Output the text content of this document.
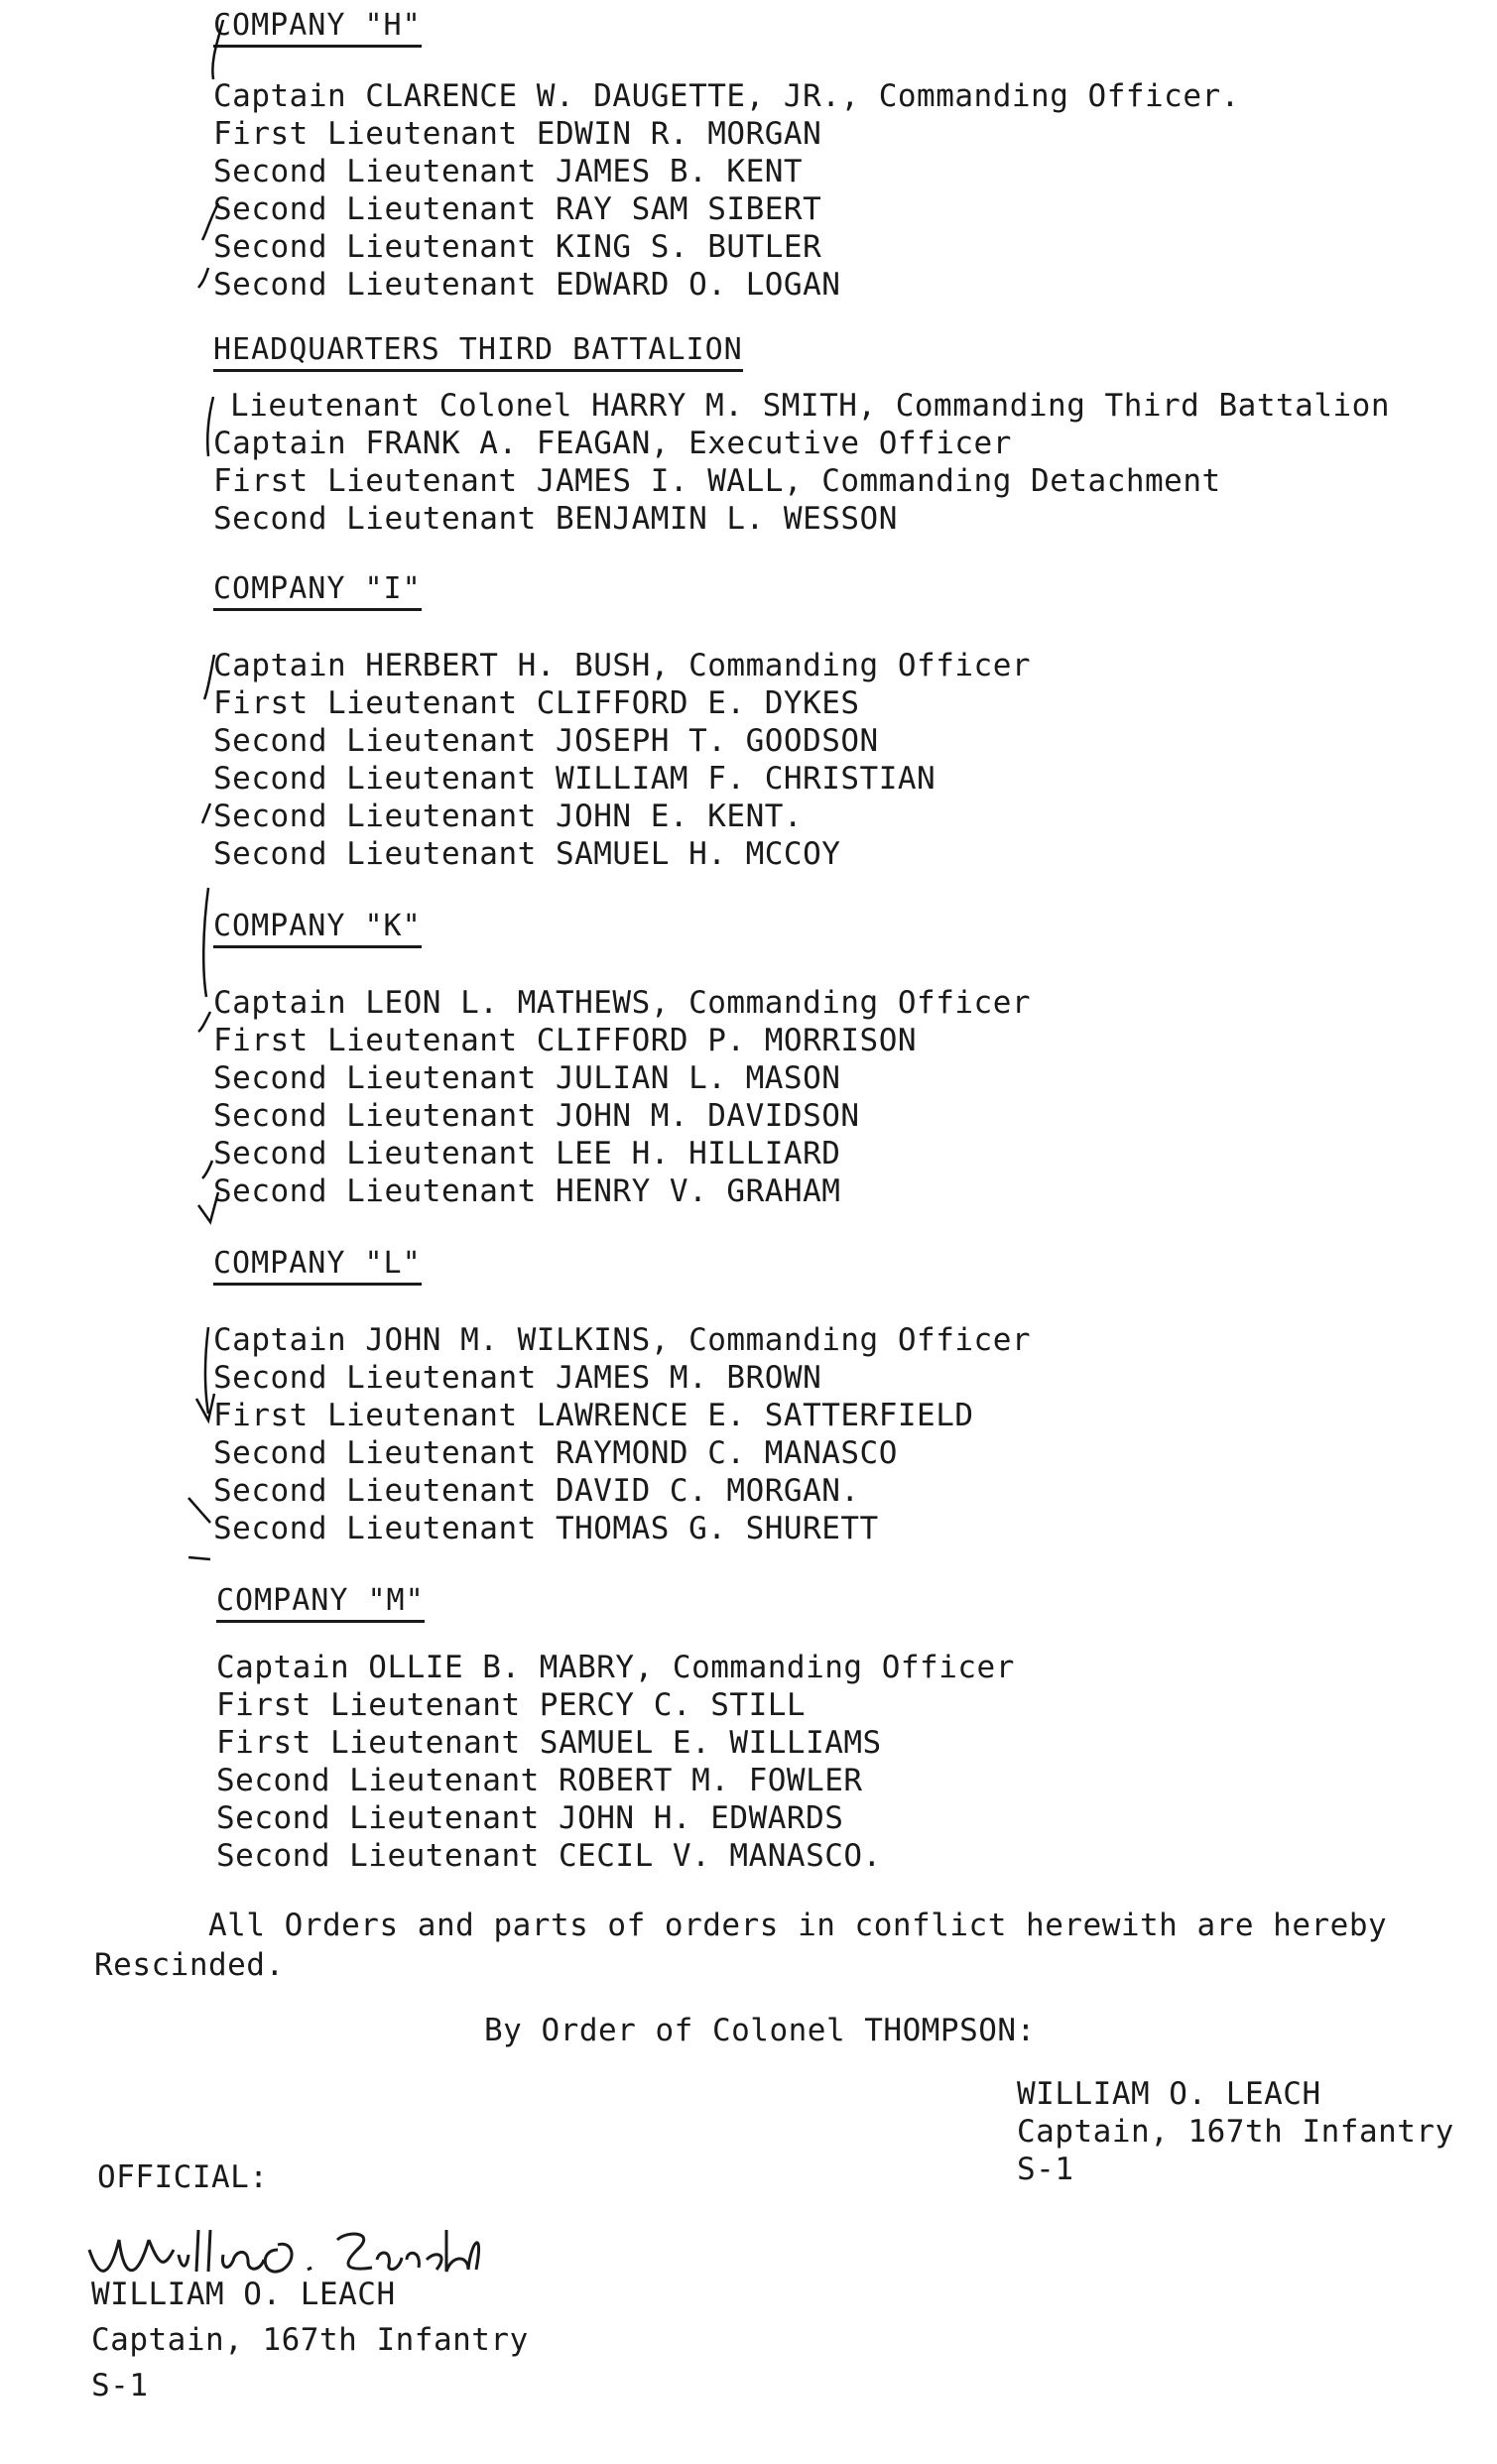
COMPANY "H"
Captain CLARENCE W. DAUGETTE, JR., Commanding Officer.
First Lieutenant EDWIN R. MORGAN
Second Lieutenant JAMES B. KENT
Second Lieutenant RAY SAM SIBERT
Second Lieutenant KING S. BUTLER
Second Lieutenant EDWARD O. LOGAN
HEADQUARTERS THIRD BATTALION
Lieutenant Colonel HARRY M. SMITH, Commanding Third Battalion
Captain FRANK A. FEAGAN, Executive Officer
First Lieutenant JAMES I. WALL, Commanding Detachment
Second Lieutenant BENJAMIN L. WESSON
COMPANY "I"
Captain HERBERT H. BUSH, Commanding Officer
First Lieutenant CLIFFORD E. DYKES
Second Lieutenant JOSEPH T. GOODSON
Second Lieutenant WILLIAM F. CHRISTIAN
Second Lieutenant JOHN E. KENT.
Second Lieutenant SAMUEL H. MCCOY
COMPANY "K"
Captain LEON L. MATHEWS, Commanding Officer
First Lieutenant CLIFFORD P. MORRISON
Second Lieutenant JULIAN L. MASON
Second Lieutenant JOHN M. DAVIDSON
Second Lieutenant LEE H. HILLIARD
Second Lieutenant HENRY V. GRAHAM
COMPANY "L"
Captain JOHN M. WILKINS, Commanding Officer
Second Lieutenant JAMES M. BROWN
First Lieutenant LAWRENCE E. SATTERFIELD
Second Lieutenant RAYMOND C. MANASCO
Second Lieutenant DAVID C. MORGAN.
Second Lieutenant THOMAS G. SHURETT
COMPANY "M"
Captain OLLIE B. MABRY, Commanding Officer
First Lieutenant PERCY C. STILL
First Lieutenant SAMUEL E. WILLIAMS
Second Lieutenant ROBERT M. FOWLER
Second Lieutenant JOHN H. EDWARDS
Second Lieutenant CECIL V. MANASCO.
All Orders and parts of orders in conflict herewith are hereby
Rescinded.
By Order of Colonel THOMPSON:
WILLIAM O. LEACH
Captain, 167th Infantry
S-1
OFFICIAL:
WILLIAM O. LEACH
Captain, 167th Infantry
S-1
